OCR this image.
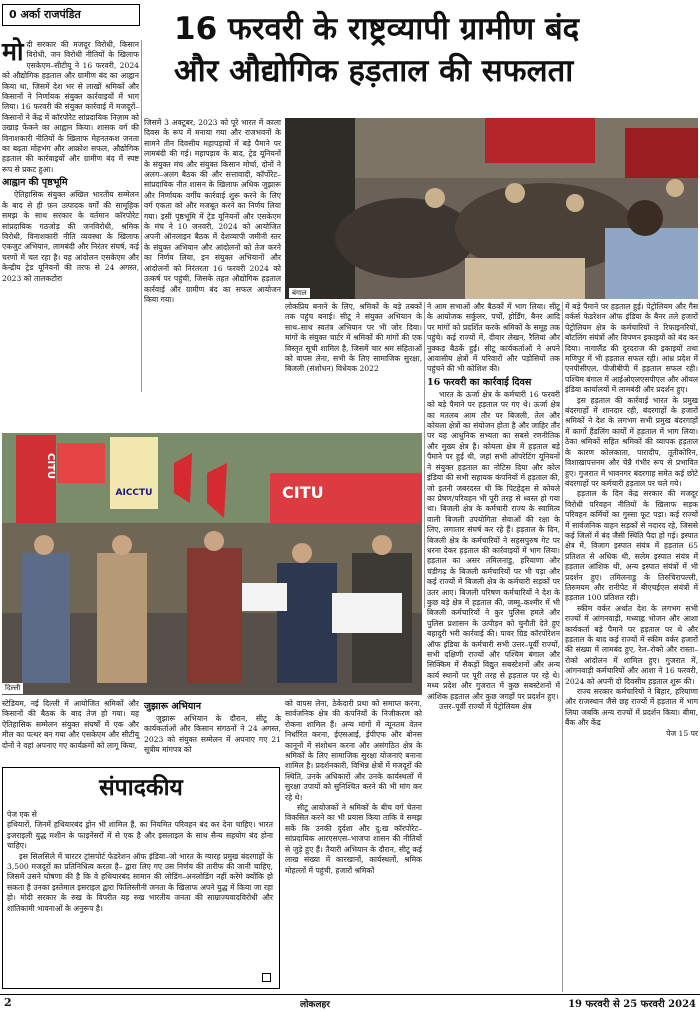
0 अर्का राजपंडित	16 फरवरी के राष्ट्रव्यापी ग्रामीण बंद
और औद्योगिक हड़ताल की सफलता
मो दी सरकार की मजदूर विरोधी, किसान विरोधी, जन विरोधी नीतियों के खिलाफ एसकेएम–सीटीयू ने 16 फरवरी, 2024 को औद्योगिक हड़ताल और ग्रामीण बंद का आह्वान किया था, जिसमें देश भर से लाखों श्रमिकों और किसानों ने निर्णायक संयुक्त कार्रवाइयों में भाग लिया। 16 फरवरी की संयुक्त कार्रवाई में मजदूरों–किसानों ने केंद्र में कॉरपोरेट सांप्रदायिक निज़ाम को उखाड़ फेंकने का आह्वान किया। शासक वर्ग की विनाशकारी नीतियों के खिलाफ मेहनतकश जनता का बढ़ता मोहभंग और आक्रोश सफल, औद्योगिक हड़ताल की कार्रवाइयों और ग्रामीण बंद में स्पष्ट रूप से प्रकट हुआ।

आह्वान की पृष्ठभूमि

ऐतिहासिक संयुक्त अखिल भारतीय सम्मेलन के बाद से ही फ़न उत्पादक वर्गों की सामूहिक समझ के साथ सरकार के वर्तमान कॉरपोरेट सांप्रदायिक गठजोड़ की जनविरोधी, श्रमिक विरोधी, विनाशकारी नीति व्यवस्था के खिलाफ एकजुट अभियान, लामबंदी और निरंतर संघर्ष, कई चरणों में चल रहा है। यह आंदोलन एसकेएम और केन्द्रीय ट्रेड यूनियनों की तरफ से 24 अगस्त, 2023 को तालकटोरा

जिसमें 3 अक्टूबर, 2023 को पूरे भारत में काला दिवस के रूप में मनाया गया और राजभवनों के सामने तीन दिवसीय महापड़ावों में बड़े पैमाने पर लामबंदी की गई। महापड़ाव के बाद, ट्रेड यूनियनों के संयुक्त मंच और संयुक्त किसान मोर्चा, दोनों ने अलग–अलग बैठक की और सत्तावादी, कॉर्पोरेट–सांप्रदायिक नीत शासन के खिलाफ अधिक जुझारू और निर्णायक वर्गीय कार्रवाई शुरू करने के लिए वर्ग एकता को और मजबूत करने का निर्णय लिया गया। इसी पृष्ठभूमि में ट्रेड यूनियनों और एसकेएम के मंच ने 10 जनवरी, 2024 को आयोजित अपनी ऑनलाइन बैठक में देशव्यापी जमीनी स्तर के संयुक्त अभियान और आंदोलनों को तेज करने का निर्णय लिया, इन संयुक्त अभियानों और आंदोलनों को निरंतरता 16 फरवरी 2024 को उत्कर्ष पर पहुंची, जिसके तहत औद्योगिक हड़ताल कार्रवाई और ग्रामीण बंद का सफल आयोजन किया गया।

बंगाल

लोकप्रिय बनाने के लिए, श्रमिकों के बड़े तबकों तक पहुंच बनाई। सीटू ने संयुक्त अभियान के साथ–साथ स्वतंत्र अभियान पर भी जोर दिया। मांगों के संयुक्त चार्टर में श्रमिकों की मांगों की एक विस्तृत सूची शामिल है, जिसमें चार श्रम संहिताओं को वापस लेना, सभी के लिए सामाजिक सुरक्षा, बिजली (संशोधन) विधेयक 2022

ने आम सभाओं और बैठकों में भाग लिया। सीटू के आयोजक सर्कुलर, पर्चों, होर्डिंग, बैनर आदि पर मांगों को प्रदर्शित करके श्रमिकों के समूह तक पहुंचे। कई राज्यों में, दीवार लेखन, रैलियां और नुक्कड़ बैठकें हुईं। सीटू कार्यकर्ताओं ने अपने आवासीय क्षेत्रों में परिवारों और पड़ोसियों तक पहुंचने की भी कोशिश की।

16 फरवरी का कार्रवाई दिवस

भारत के ऊर्जा क्षेत्र के कर्मचारी 16 फरवरी को बड़े पैमाने पर हड़ताल पर गए थे। ऊर्जा क्षेत्र का मतलब आम तौर पर बिजली, तेल और कोयला क्षेत्रों का संयोजन होता है और जाहिर तौर पर यह आधुनिक सभ्यता का सबसे रणनीतिक और मुख्य क्षेत्र है। कोयला क्षेत्र में हड़ताल बड़े पैमाने पर हुई थी, जहां सभी ऑपरेटिंग यूनियनों ने संयुक्त हड़ताल का नोटिस दिया और कोल इंडिया की सभी सहायक कंपनियों में हड़ताल की, जो इतनी जबरदस्त थी कि पिटहेड्स से कोयले का प्रेषण/परिवहन भी पूरी तरह से ध्वस्त हो गया था। बिजली क्षेत्र के कर्मचारी राज्य के स्वामित्व वाली बिजली उपयोगिता सेवाओं की रक्षा के लिए, लगातार संघर्ष कर रहे हैं। हड़ताल के दिन, बिजली क्षेत्र के कर्मचारियों ने सहसपुरुष गेट पर धरना देकर हड़ताल की कार्रवाइयों में भाग लिया। हड़ताल का असर तमिलनाडु, हरियाणा और चंडीगढ़ के बिजली कर्मचारियों पर भी पड़ा और कई राज्यों में बिजली क्षेत्र के कर्मचारी सड़कों पर उतर आए। बिजली परिषण कर्मचारियों ने देश के कुछ बड़े क्षेत्र में हड़ताल की, जम्मू–कश्मीर में भी बिजली कर्मचारियों ने कुर पुलिस हमले और पुलिस प्रशासन के उत्पीड़न को चुनौती देते हुए बहादुरी भरी कार्रवाई की। पावर ग्रिड कॉरपोरेशन ऑफ इंडिया के कर्मचारी सभी उत्तर–पूर्वी राज्यों, सभी दक्षिणी राज्यों और पश्चिम बंगाल और सिक्किम में सैकड़ों विद्युत सबस्टेशनों और अन्य कार्य स्थानों पर पूरी तरह से हड़ताल पर रहे थे। मध्य प्रदेश और गुजरात में कुछ सबस्टेशनों में आंशिक हड़ताल और कुछ जगहों पर प्रदर्शन हुए।

उत्तर–पूर्वी राज्यों में पेट्रोलियम क्षेत्र

में बड़े पैमाने पर हड़ताल हुई। पेट्रोलियम और गैस वर्कर्स फेडरेशन ऑफ इंडिया के बैनर तले हजारों पेट्रोलियम क्षेत्र के कर्मचारियों ने रिफाइनरियों, बॉटलिंग संयंत्रों और विपणन इकाइयों को बंद कर दिया। नागालैंड की दुरदराज की इकाइयों तथा मणिपुर में भी हड़ताल सफल रही। आंध्र प्रदेश में एनपीसीएल, पीजीबीपी में हड़ताल सफल रही। पश्चिम बंगाल में आईओएलएसपीएल और ऑयल इंडिया कार्यालयों में लामबंदी और प्रदर्शन हुए।

इस हड़ताल की कार्रवाई भारत के प्रमुख बंदरगाहों में शानदार रही, बंदरगाहों के हजारों श्रमिकों ने देश के लगभग सभी प्रमुख बंदरगाहों में कार्गो हैंडलिंग कार्यों में हड़ताल में भाग लिया। ठेका श्रमिकों सहित श्रमिकों की व्यापक हड़ताल के कारण कोलकाता, पारादीप, तूतीकोरिन, विशाखापत्तनम और चेन्नै गंभीर रूप से प्रभावित हुए। गुजरात में भावनगर बंदरगाह समेत कई छोटे बंदरगाहों पर कर्मचारी हड़ताल पर चले गये।

हड़ताल के दिन केंद्र सरकार की मजदूर विरोधी परिवहन नीतियों के खिलाफ सड़क परिवहन कर्मियों का गुस्सा फूट पड़ा। कई राज्यों में सार्वजनिक वाहन सड़कों से नदारद रहे, जिससे कई जिलों में बंद जैसी स्थिति पैदा हो गई। इस्पात क्षेत्र में, विजाग इस्पात संयंत्र में हड़ताल 65 प्रतिशत से अधिक थी, सलेम इस्पात संयंत्र में हड़ताल आंशिक थी, अन्य इस्पात संयंत्रों में भी प्रदर्शन हुए। तमिलनाडु के तिरुचिरापल्ली, तिरुमयम और रानीपेट में बीएचईएल संयंत्रों में हड़ताल 100 प्रतिशत रही।

स्कीम वर्कर अर्थात देश के लगभग सभी राज्यों में आंगनवाड़ी, मध्याह्न भोजन और आशा कार्यकर्ता बड़े पैमाने पर हड़ताल पर थे और हड़ताल के बाद कई राज्यों में स्कीम वर्कर हजारों की संख्या में लामबंद हुए, रेल–रोको और रास्ता–रोको आंदोलन में शामिल हुए। गुजरात में, आंगनवाड़ी कर्मचारियों और आशा ने 16 फरवरी, 2024 को अपनी दो दिवसीय हड़ताल शुरू की।

राज्य सरकार कर्मचारियों ने बिहार, हरियाणा और राजस्थान जैसे छह राज्यों में हड़ताल में भाग लिया जबकि अन्य राज्यों में प्रदर्शन किया। बीमा, बैंक और केंद्र

पेज 15 पर
CITU
AICCTU	CITU
दिल्ली

स्टेडियम, नई दिल्ली में आयोजित श्रमिकों और किसानों की बैठक के बाद तेज हो गया। यह ऐतिहासिक सम्मेलन संयुक्त संघर्षों में एक और मील का पत्थर बन गया और एसकेएम और सीटीयू दोनों ने वहां अपनाए गए कार्यक्रमों को लागू किया,

जुझारू अभियान

जुझारू अभियान के दौरान, सीटू के कार्यकर्ताओं और किसान संगठनों ने 24 अगस्त, 2023 को संयुक्त सम्मेलन में अपनाए गए 21 सूत्रीय मांगपत्र को

को वापस लेना, ठेकेदारी प्रथा को समाप्त करना, सार्वजनिक क्षेत्र की कंपनियों के निजीकरण को रोकना शामिल हैं। अन्य मांगों में न्यूनतम वेतन निर्धारित करना, ईएसआई, ईपीएफ और बोनस कानूनों में संशोधन करना और असंगठित क्षेत्र के श्रमिकों के लिए सामाजिक सुरक्षा योजनाएं बनाना शामिल है। प्रदर्शनकारी, विभिन्न क्षेत्रों में मजदूरों की स्थिति, उनके अधिकारों और उनके कार्यस्थलों में सुरक्षा उपायों को सुनिश्चित करने की भी मांग कर रहे थे।

सीटू आयोजकों ने श्रमिकों के बीच वर्ग चेतना विकसित करने का भी प्रयास किया ताकि वे समझ सकें कि उनकी दुर्दशा और दु:ख कॉरपोरेट–सांप्रदायिक आरएसएस–भाजपा शासन की नीतियों से जुड़े हुए हैं। तैयारी अभियान के दौरान, सीटू कई लाख संख्या में कारखानों, कार्यस्थलों, श्रमिक मोहल्लों में पहुंची, हजारों श्रमिकों

संपादकीय

पेज एक से

हथियारों, जिनमें हथियारबंद ड्रोन भी शामिल हैं, का नियमित परिवहन बंद कर देना चाहिए। भारत इजराइली युद्ध मशीन के फाइनेंसरों में से एक है और इसलाइल के साथ सैन्य सहयोग बंद होना चाहिए।

इस सिलसिले में चारटर ट्रांसपोर्ट फेडरेशन ऑफ इंडिया–जो भारत के ग्यारह प्रमुख बंदरगाहों के 3,500 मजदूरों का प्रतिनिधित्व करता है– द्वारा लिए गए उस निर्णय की तारीफ की जानी चाहिए, जिसमें उसने घोषणा की है कि वे हथियारबंद सामान की लोडिंग–अनलोडिंग नहीं करेंगे क्योंकि हो सकता है उनका इस्तेमाल इसराइल द्वारा फिलिस्तीनी जनता के खिलाफ अपने युद्ध में किया जा रहा हो। मोदी सरकार के रुख के विपरीत यह रुख भारतीय जनता की साम्राज्यवादविरोधी और शांतिकामी भावनाओं के अनुरूप है।

2	लोकलहर	19 फरवरी से 25 फरवरी 2024
